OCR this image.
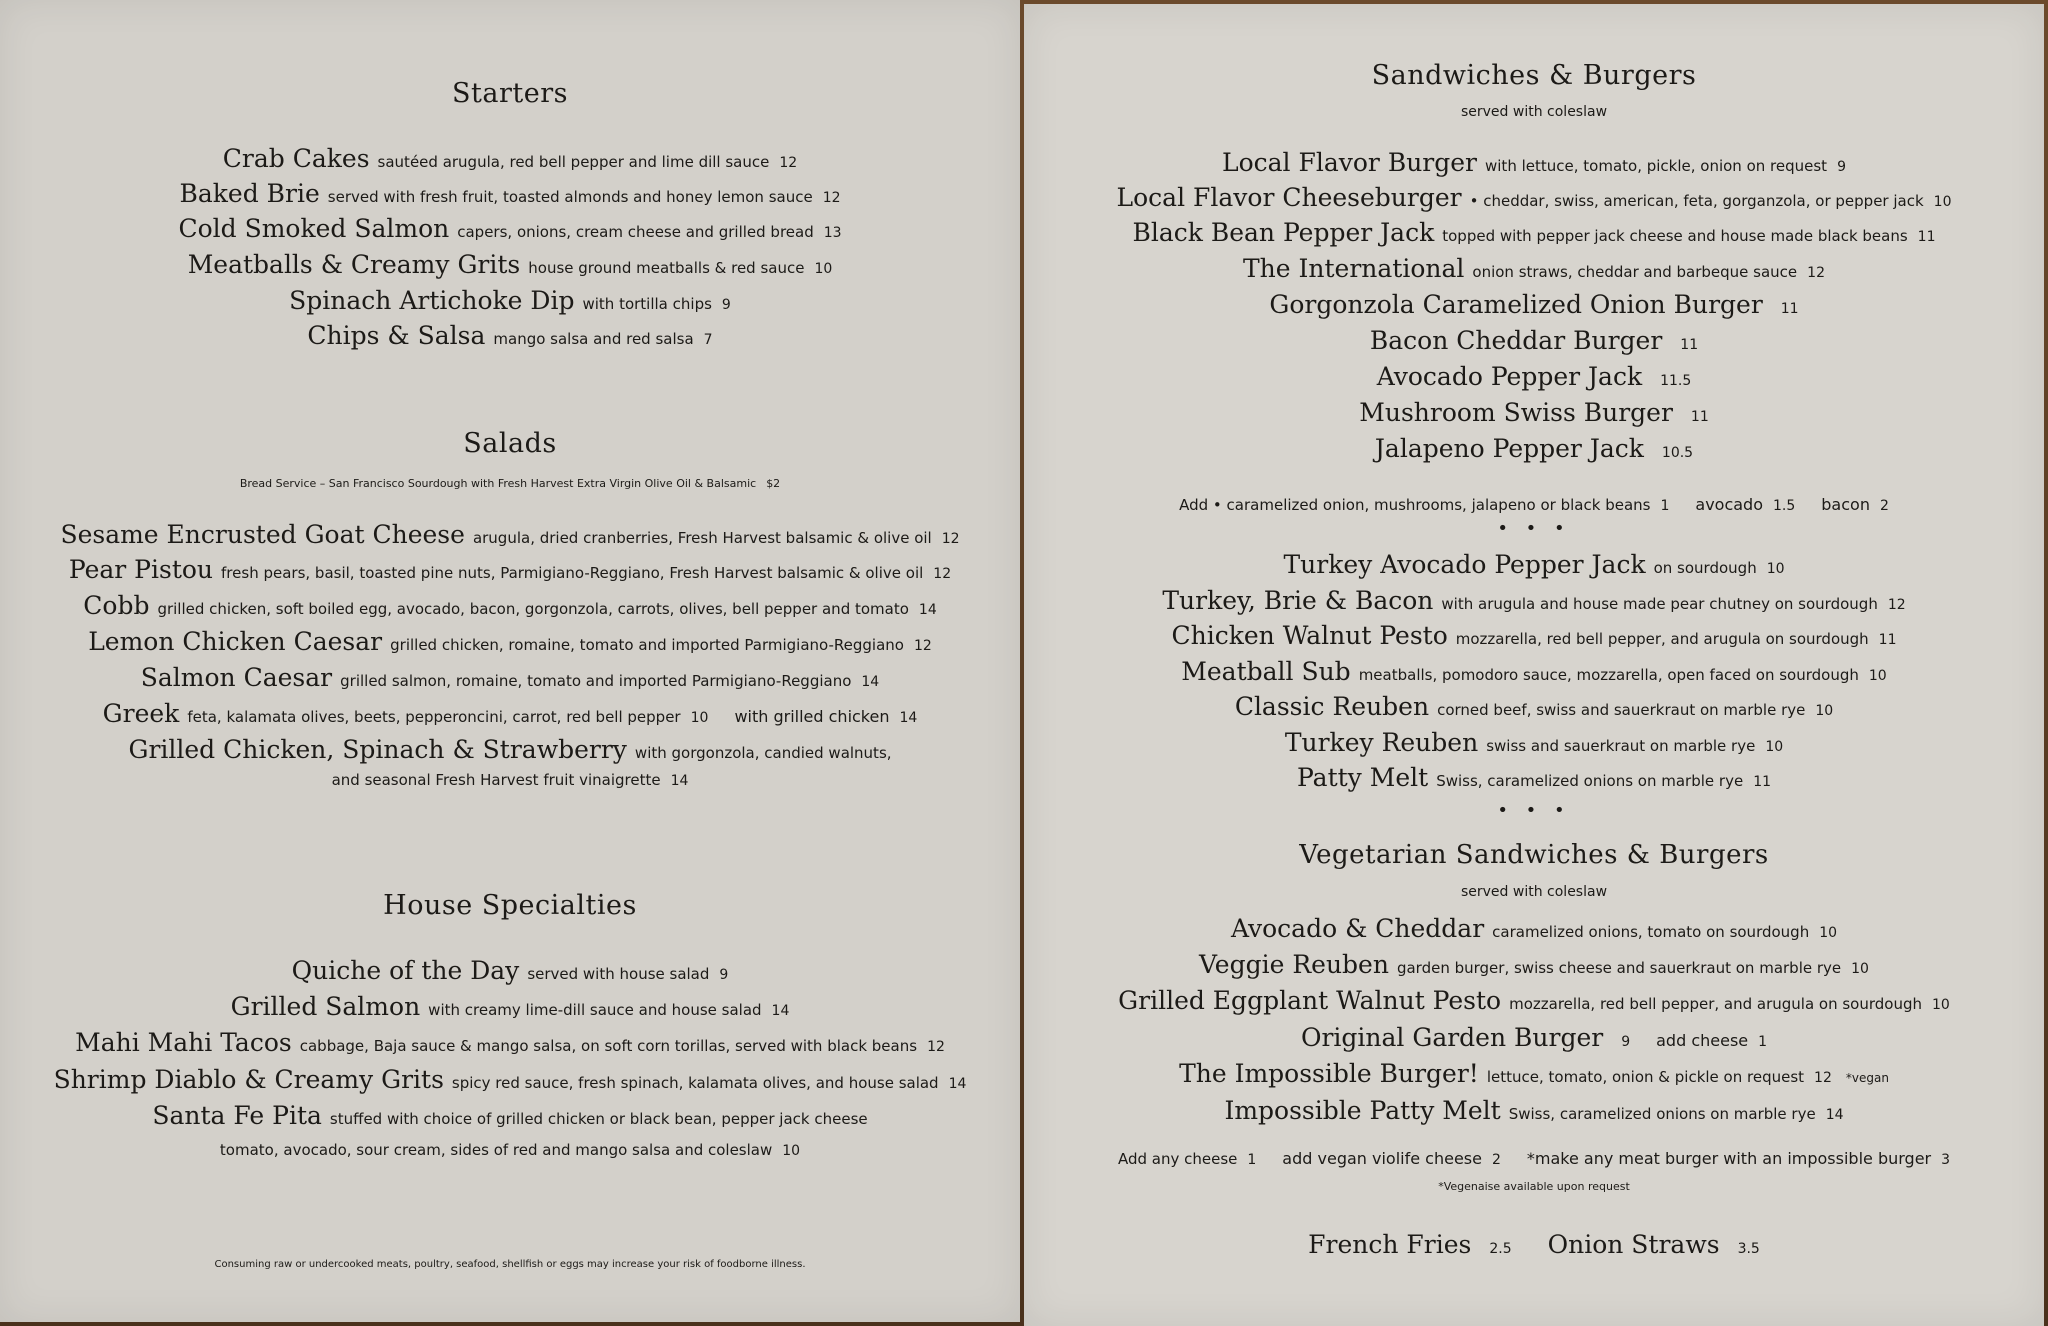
Starters
Crab Cakes sautéed arugula, red bell pepper and lime dill sauce 12
Baked Brie served with fresh fruit, toasted almonds and honey lemon sauce 12
Cold Smoked Salmon capers, onions, cream cheese and grilled bread 13
Meatballs & Creamy Grits house ground meatballs & red sauce 10
Spinach Artichoke Dip with tortilla chips 9
Chips & Salsa mango salsa and red salsa 7
Salads
Bread Service – San Francisco Sourdough with Fresh Harvest Extra Virgin Olive Oil & Balsamic $2
Sesame Encrusted Goat Cheese arugula, dried cranberries, Fresh Harvest balsamic & olive oil 12
Pear Pistou fresh pears, basil, toasted pine nuts, Parmigiano-Reggiano, Fresh Harvest balsamic & olive oil 12
Cobb grilled chicken, soft boiled egg, avocado, bacon, gorgonzola, carrots, olives, bell pepper and tomato 14
Lemon Chicken Caesar grilled chicken, romaine, tomato and imported Parmigiano-Reggiano 12
Salmon Caesar grilled salmon, romaine, tomato and imported Parmigiano-Reggiano 14
Greek feta, kalamata olives, beets, pepperoncini, carrot, red bell pepper 10 with grilled chicken 14
Grilled Chicken, Spinach & Strawberry with gorgonzola, candied walnuts,
and seasonal Fresh Harvest fruit vinaigrette 14
House Specialties
Quiche of the Day served with house salad 9
Grilled Salmon with creamy lime-dill sauce and house salad 14
Mahi Mahi Tacos cabbage, Baja sauce & mango salsa, on soft corn torillas, served with black beans 12
Shrimp Diablo & Creamy Grits spicy red sauce, fresh spinach, kalamata olives, and house salad 14
Santa Fe Pita stuffed with choice of grilled chicken or black bean, pepper jack cheese
tomato, avocado, sour cream, sides of red and mango salsa and coleslaw 10
Consuming raw or undercooked meats, poultry, seafood, shellfish or eggs may increase your risk of foodborne illness.
Sandwiches & Burgers
served with coleslaw
Local Flavor Burger with lettuce, tomato, pickle, onion on request 9
Local Flavor Cheeseburger • cheddar, swiss, american, feta, gorganzola, or pepper jack 10
Black Bean Pepper Jack topped with pepper jack cheese and house made black beans 11
The International onion straws, cheddar and barbeque sauce 12
Gorgonzola Caramelized Onion Burger 11
Bacon Cheddar Burger 11
Avocado Pepper Jack 11.5
Mushroom Swiss Burger 11
Jalapeno Pepper Jack 10.5
Add • caramelized onion, mushrooms, jalapeno or black beans 1 avocado 1.5 bacon 2
• • •
Turkey Avocado Pepper Jack on sourdough 10
Turkey, Brie & Bacon with arugula and house made pear chutney on sourdough 12
Chicken Walnut Pesto mozzarella, red bell pepper, and arugula on sourdough 11
Meatball Sub meatballs, pomodoro sauce, mozzarella, open faced on sourdough 10
Classic Reuben corned beef, swiss and sauerkraut on marble rye 10
Turkey Reuben swiss and sauerkraut on marble rye 10
Patty Melt Swiss, caramelized onions on marble rye 11
• • •
Vegetarian Sandwiches & Burgers
served with coleslaw
Avocado & Cheddar caramelized onions, tomato on sourdough 10
Veggie Reuben garden burger, swiss cheese and sauerkraut on marble rye 10
Grilled Eggplant Walnut Pesto mozzarella, red bell pepper, and arugula on sourdough 10
Original Garden Burger 9 add cheese 1
The Impossible Burger! lettuce, tomato, onion & pickle on request 12 *vegan
Impossible Patty Melt Swiss, caramelized onions on marble rye 14
Add any cheese 1 add vegan violife cheese 2 *make any meat burger with an impossible burger 3
*Vegenaise available upon request
French Fries 2.5 Onion Straws 3.5
